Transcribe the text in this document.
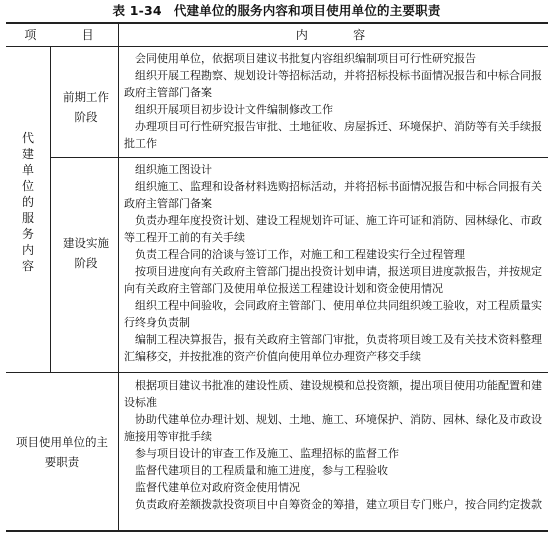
表 1-34 代建单位的服务内容和项目使用单位的主要职责
项    目	内    容
代建单位的服务内容
前期工作阶段
建设实施阶段

会同使用单位，依据项目建议书批复内容组织编制项目可行性研究报告

组织开展工程勘察、规划设计等招标活动，并将招标投标书面情况报告和中标合同报政府主管部门备案

组织开展项目初步设计文件编制修改工作

办理项目可行性研究报告审批、土地征收、房屋拆迁、环境保护、消防等有关手续报批工作

组织施工图设计

组织施工、监理和设备材料选购招标活动，并将招标书面情况报告和中标合同报有关政府主管部门备案

负责办理年度投资计划、建设工程规划许可证、施工许可证和消防、园林绿化、市政等工程开工前的有关手续

负责工程合同的洽谈与签订工作，对施工和工程建设实行全过程管理

按项目进度向有关政府主管部门提出投资计划申请，报送项目进度款报告，并按规定向有关政府主管部门及使用单位报送工程建设计划和资金使用情况

组织工程中间验收，会同政府主管部门、使用单位共同组织竣工验收，对工程质量实行终身负责制

编制工程决算报告，报有关政府主管部门审批，负责将项目竣工及有关技术资料整理汇编移交，并按批准的资产价值向使用单位办理资产移交手续

项目使用单位的主要职责

根据项目建议书批准的建设性质、建设规模和总投资额，提出项目使用功能配置和建设标准

协助代建单位办理计划、规划、土地、施工、环境保护、消防、园林、绿化及市政设施接用等审批手续

参与项目设计的审查工作及施工、监理招标的监督工作

监督代建项目的工程质量和施工进度，参与工程验收

监督代建单位对政府资金使用情况

负责政府差额拨款投资项目中自筹资金的筹措，建立项目专门账户，按合同约定拨款
